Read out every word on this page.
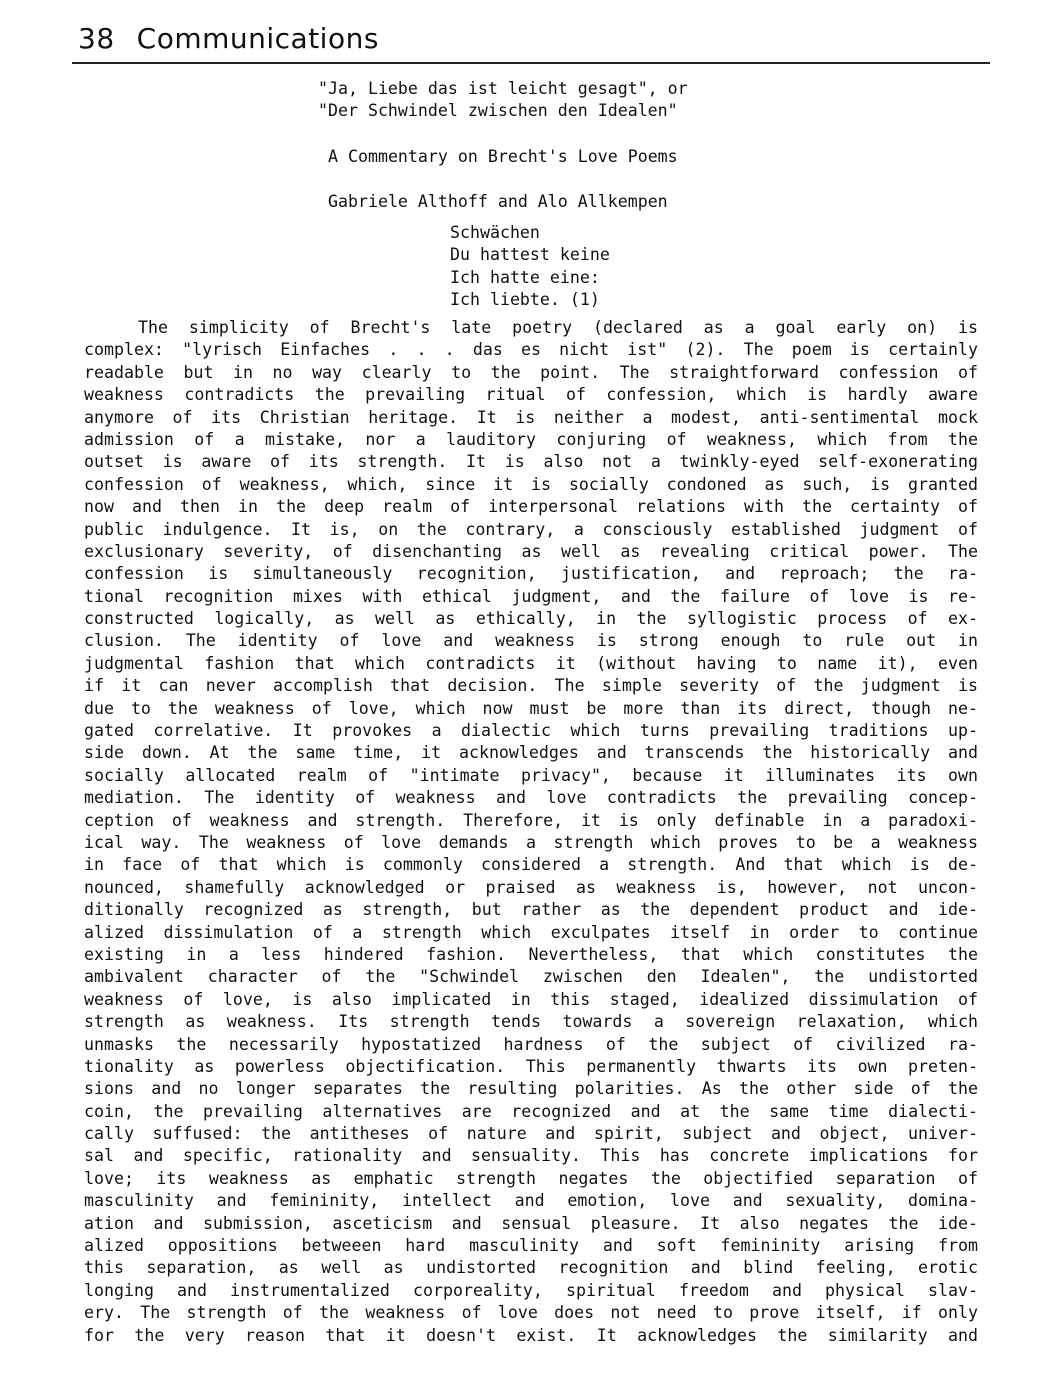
38 Communications
"Ja, Liebe das ist leicht gesagt", or
"Der Schwindel zwischen den Idealen"
A Commentary on Brecht's Love Poems
Gabriele Althoff and Alo Allkempen
Schwächen
Du hattest keine
Ich hatte eine:
Ich liebte. (1)
The simplicity of Brecht's late poetry (declared as a goal early on) is
complex: "lyrisch Einfaches . . . das es nicht ist" (2). The poem is certainly
readable but in no way clearly to the point. The straightforward confession of
weakness contradicts the prevailing ritual of confession, which is hardly aware
anymore of its Christian heritage. It is neither a modest, anti-sentimental mock
admission of a mistake, nor a lauditory conjuring of weakness, which from the
outset is aware of its strength. It is also not a twinkly-eyed self-exonerating
confession of weakness, which, since it is socially condoned as such, is granted
now and then in the deep realm of interpersonal relations with the certainty of
public indulgence. It is, on the contrary, a consciously established judgment of
exclusionary severity, of disenchanting as well as revealing critical power. The
confession is simultaneously recognition, justification, and reproach; the ra-
tional recognition mixes with ethical judgment, and the failure of love is re-
constructed logically, as well as ethically, in the syllogistic process of ex-
clusion. The identity of love and weakness is strong enough to rule out in
judgmental fashion that which contradicts it (without having to name it), even
if it can never accomplish that decision. The simple severity of the judgment is
due to the weakness of love, which now must be more than its direct, though ne-
gated correlative. It provokes a dialectic which turns prevailing traditions up-
side down. At the same time, it acknowledges and transcends the historically and
socially allocated realm of "intimate privacy", because it illuminates its own
mediation. The identity of weakness and love contradicts the prevailing concep-
ception of weakness and strength. Therefore, it is only definable in a paradoxi-
ical way. The weakness of love demands a strength which proves to be a weakness
in face of that which is commonly considered a strength. And that which is de-
nounced, shamefully acknowledged or praised as weakness is, however, not uncon-
ditionally recognized as strength, but rather as the dependent product and ide-
alized dissimulation of a strength which exculpates itself in order to continue
existing in a less hindered fashion. Nevertheless, that which constitutes the
ambivalent character of the "Schwindel zwischen den Idealen", the undistorted
weakness of love, is also implicated in this staged, idealized dissimulation of
strength as weakness. Its strength tends towards a sovereign relaxation, which
unmasks the necessarily hypostatized hardness of the subject of civilized ra-
tionality as powerless objectification. This permanently thwarts its own preten-
sions and no longer separates the resulting polarities. As the other side of the
coin, the prevailing alternatives are recognized and at the same time dialecti-
cally suffused: the antitheses of nature and spirit, subject and object, univer-
sal and specific, rationality and sensuality. This has concrete implications for
love; its weakness as emphatic strength negates the objectified separation of
masculinity and femininity, intellect and emotion, love and sexuality, domina-
ation and submission, asceticism and sensual pleasure. It also negates the ide-
alized oppositions betweeen hard masculinity and soft femininity arising from
this separation, as well as undistorted recognition and blind feeling, erotic
longing and instrumentalized corporeality, spiritual freedom and physical slav-
ery. The strength of the weakness of love does not need to prove itself, if only
for the very reason that it doesn't exist. It acknowledges the similarity and
